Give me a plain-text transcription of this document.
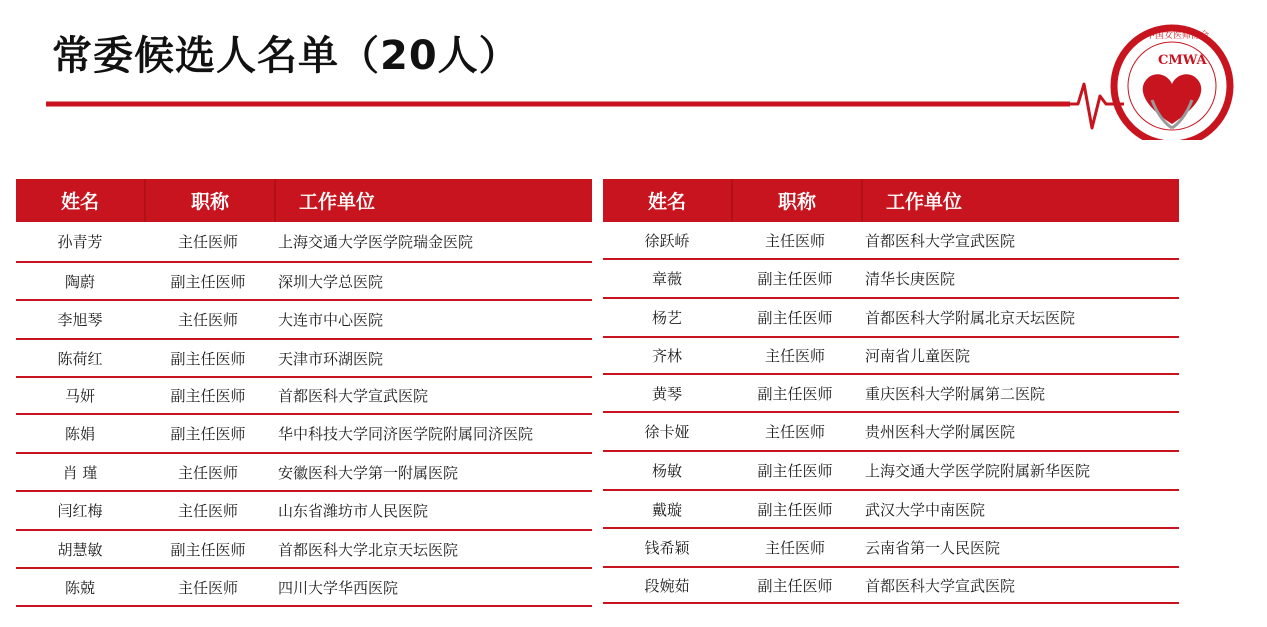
常委候选人名单（20人）	中国女医师协会
CMWA
姓名	职称	工作单位
孙青芳	主任医师	上海交通大学医学院瑞金医院
陶蔚	副主任医师	深圳大学总医院
李旭琴	主任医师	大连市中心医院
陈荷红	副主任医师	天津市环湖医院
马妍	副主任医师	首都医科大学宣武医院
陈娟	副主任医师	华中科技大学同济医学院附属同济医院
肖 瑾	主任医师	安徽医科大学第一附属医院
闫红梅	主任医师	山东省潍坊市人民医院
胡慧敏	副主任医师	首都医科大学北京天坛医院
陈兢	主任医师	四川大学华西医院
姓名	职称	工作单位
徐跃峤	主任医师	首都医科大学宣武医院
章薇	副主任医师	清华长庚医院
杨艺	副主任医师	首都医科大学附属北京天坛医院
齐林	主任医师	河南省儿童医院
黄琴	副主任医师	重庆医科大学附属第二医院
徐卡娅	主任医师	贵州医科大学附属医院
杨敏	副主任医师	上海交通大学医学院附属新华医院
戴璇	副主任医师	武汉大学中南医院
钱希颖	主任医师	云南省第一人民医院
段婉茹	副主任医师	首都医科大学宣武医院
